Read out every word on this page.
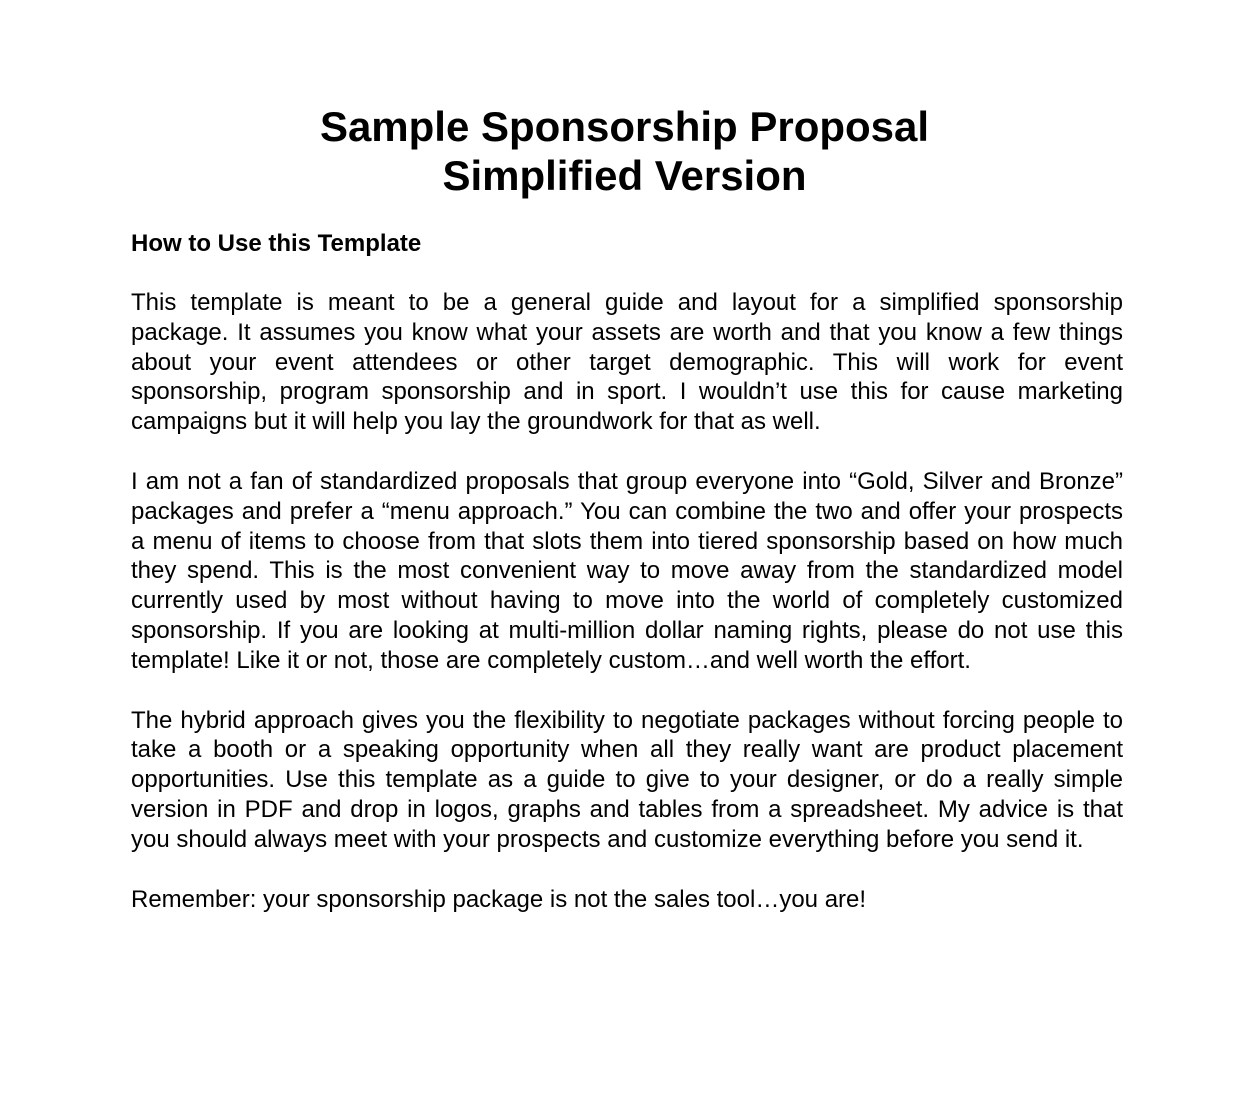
Sample Sponsorship Proposal
Simplified Version

How to Use this Template

This template is meant to be a general guide and layout for a simplified sponsorship package. It assumes you know what your assets are worth and that you know a few things about your event attendees or other target demographic. This will work for event sponsorship, program sponsorship and in sport. I wouldn’t use this for cause marketing campaigns but it will help you lay the groundwork for that as well.

I am not a fan of standardized proposals that group everyone into “Gold, Silver and Bronze” packages and prefer a “menu approach.” You can combine the two and offer your prospects a menu of items to choose from that slots them into tiered sponsorship based on how much they spend. This is the most convenient way to move away from the standardized model currently used by most without having to move into the world of completely customized sponsorship. If you are looking at multi-million dollar naming rights, please do not use this template! Like it or not, those are completely custom…and well worth the effort.

The hybrid approach gives you the flexibility to negotiate packages without forcing people to take a booth or a speaking opportunity when all they really want are product placement opportunities. Use this template as a guide to give to your designer, or do a really simple version in PDF and drop in logos, graphs and tables from a spreadsheet. My advice is that you should always meet with your prospects and customize everything before you send it.

Remember: your sponsorship package is not the sales tool…you are!
